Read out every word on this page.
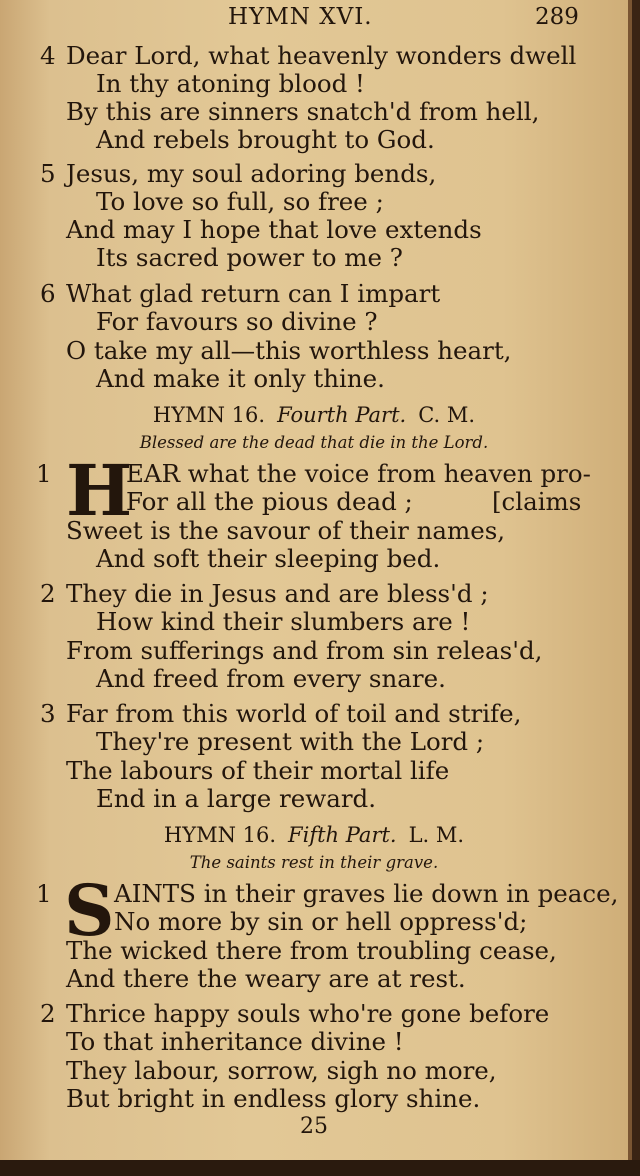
HYMN XVI.	289
4 Dear Lord, what heavenly wonders dwell
In thy atoning blood !
By this are sinners snatch'd from hell,
And rebels brought to God.
5 Jesus, my soul adoring bends,
To love so full, so free ;
And may I hope that love extends
Its sacred power to me ?
6 What glad return can I impart
For favours so divine ?
O take my all—this worthless heart,
And make it only thine.
HYMN 16. Fourth Part. C. M.
Blessed are the dead that die in the Lord.
1 H
EAR what the voice from heaven pro-
For all the pious dead ;	[claims
Sweet is the savour of their names,
And soft their sleeping bed.
2 They die in Jesus and are bless'd ;
How kind their slumbers are !
From sufferings and from sin releas'd,
And freed from every snare.
3 Far from this world of toil and strife,
They're present with the Lord ;
The labours of their mortal life
End in a large reward.
HYMN 16. Fifth Part. L. M.
The saints rest in their grave.
1 S AINTS in their graves lie down in peace,
No more by sin or hell oppress'd;
The wicked there from troubling cease,
And there the weary are at rest.
2 Thrice happy souls who're gone before
To that inheritance divine !
They labour, sorrow, sigh no more,
But bright in endless glory shine.
25
